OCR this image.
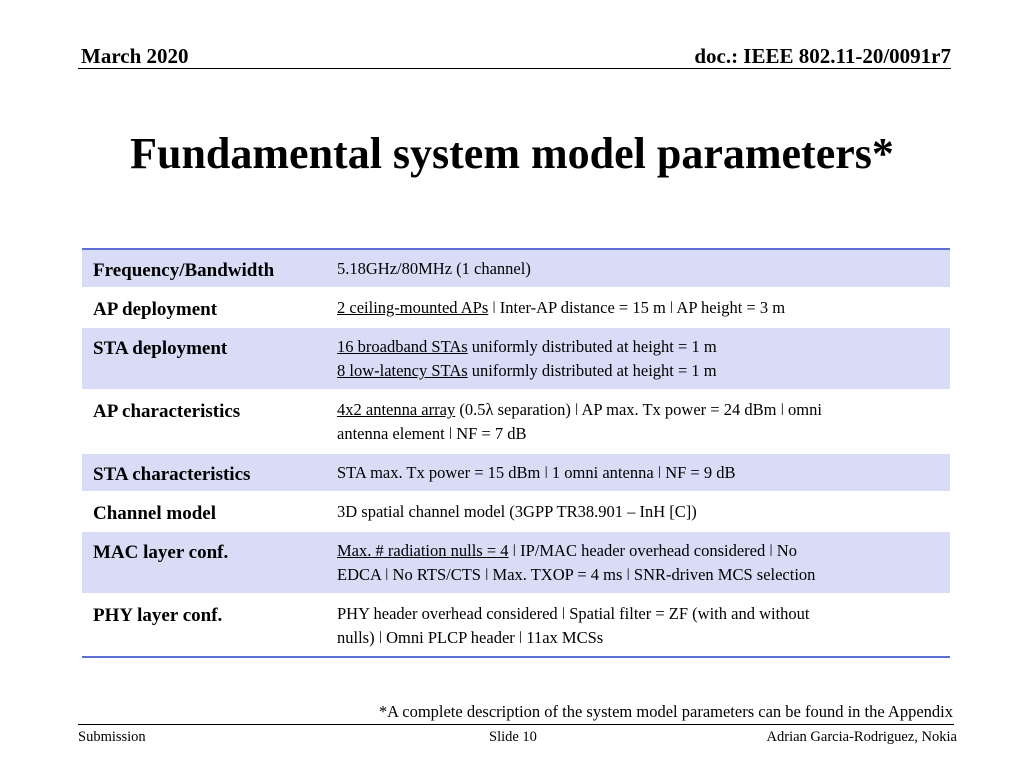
March 2020	doc.: IEEE 802.11-20/0091r7
Fundamental system model parameters*
Frequency/Bandwidth	5.18GHz/80MHz (1 channel)

AP deployment	2 ceiling-mounted APs ǀ Inter-AP distance = 15 m ǀ AP height = 3 m

STA deployment	16 broadband STAs uniformly distributed at height = 1 m
8 low-latency STAs uniformly distributed at height = 1 m

AP characteristics	4x2 antenna array (0.5λ separation) ǀ AP max. Tx power = 24 dBm ǀ omni
antenna element ǀ NF = 7 dB

STA characteristics	STA max. Tx power = 15 dBm ǀ 1 omni antenna ǀ NF = 9 dB

Channel model	3D spatial channel model (3GPP TR38.901 – InH [C])

MAC layer conf.	Max. # radiation nulls = 4 ǀ IP/MAC header overhead considered ǀ No
EDCA ǀ No RTS/CTS ǀ Max. TXOP = 4 ms ǀ SNR-driven MCS selection

PHY layer conf.	PHY header overhead considered ǀ Spatial filter = ZF (with and without
nulls) ǀ Omni PLCP header ǀ 11ax MCSs
*A complete description of the system model parameters can be found in the Appendix
Submission	Slide 10	Adrian Garcia-Rodriguez, Nokia
